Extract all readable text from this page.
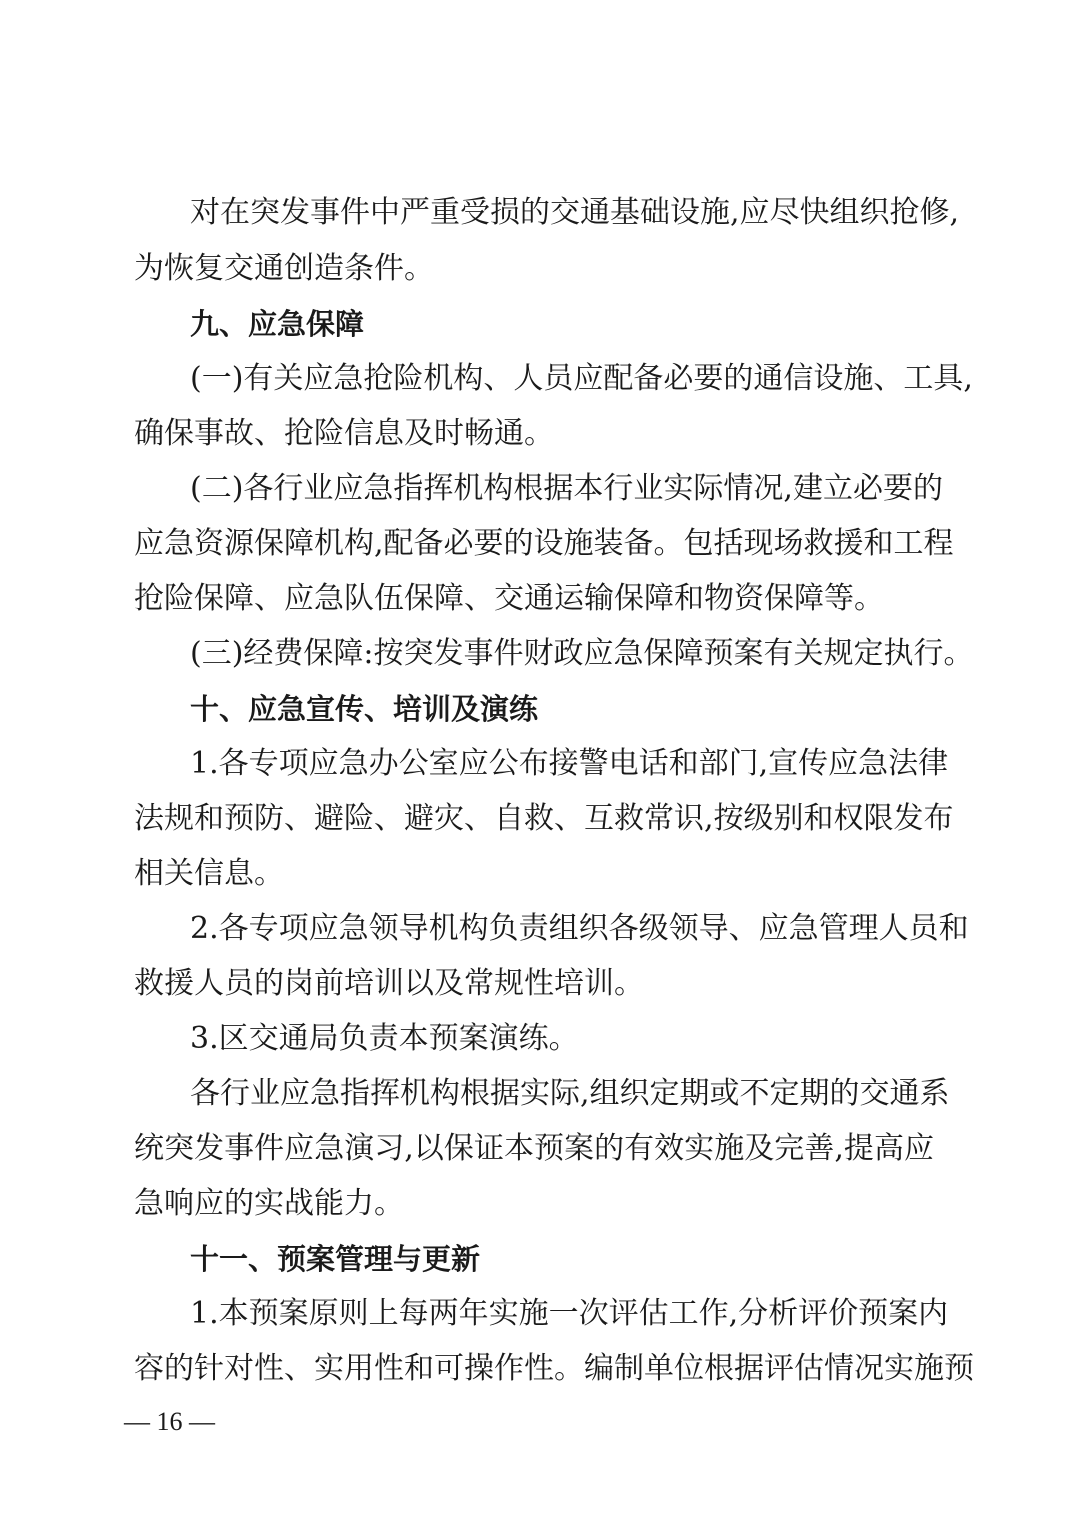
对在突发事件中严重受损的交通基础设施,应尽快组织抢修,
为恢复交通创造条件。
九、应急保障
(一)有关应急抢险机构、人员应配备必要的通信设施、工具,
确保事故、抢险信息及时畅通。
(二)各行业应急指挥机构根据本行业实际情况,建立必要的
应急资源保障机构,配备必要的设施装备。包括现场救援和工程
抢险保障、应急队伍保障、交通运输保障和物资保障等。
(三)经费保障:按突发事件财政应急保障预案有关规定执行。
十、应急宣传、培训及演练
1.各专项应急办公室应公布接警电话和部门,宣传应急法律
法规和预防、避险、避灾、自救、互救常识,按级别和权限发布
相关信息。
2.各专项应急领导机构负责组织各级领导、应急管理人员和
救援人员的岗前培训以及常规性培训。
3.区交通局负责本预案演练。
各行业应急指挥机构根据实际,组织定期或不定期的交通系
统突发事件应急演习,以保证本预案的有效实施及完善,提高应
急响应的实战能力。
十一、预案管理与更新
1.本预案原则上每两年实施一次评估工作,分析评价预案内
容的针对性、实用性和可操作性。编制单位根据评估情况实施预
— 16 —
